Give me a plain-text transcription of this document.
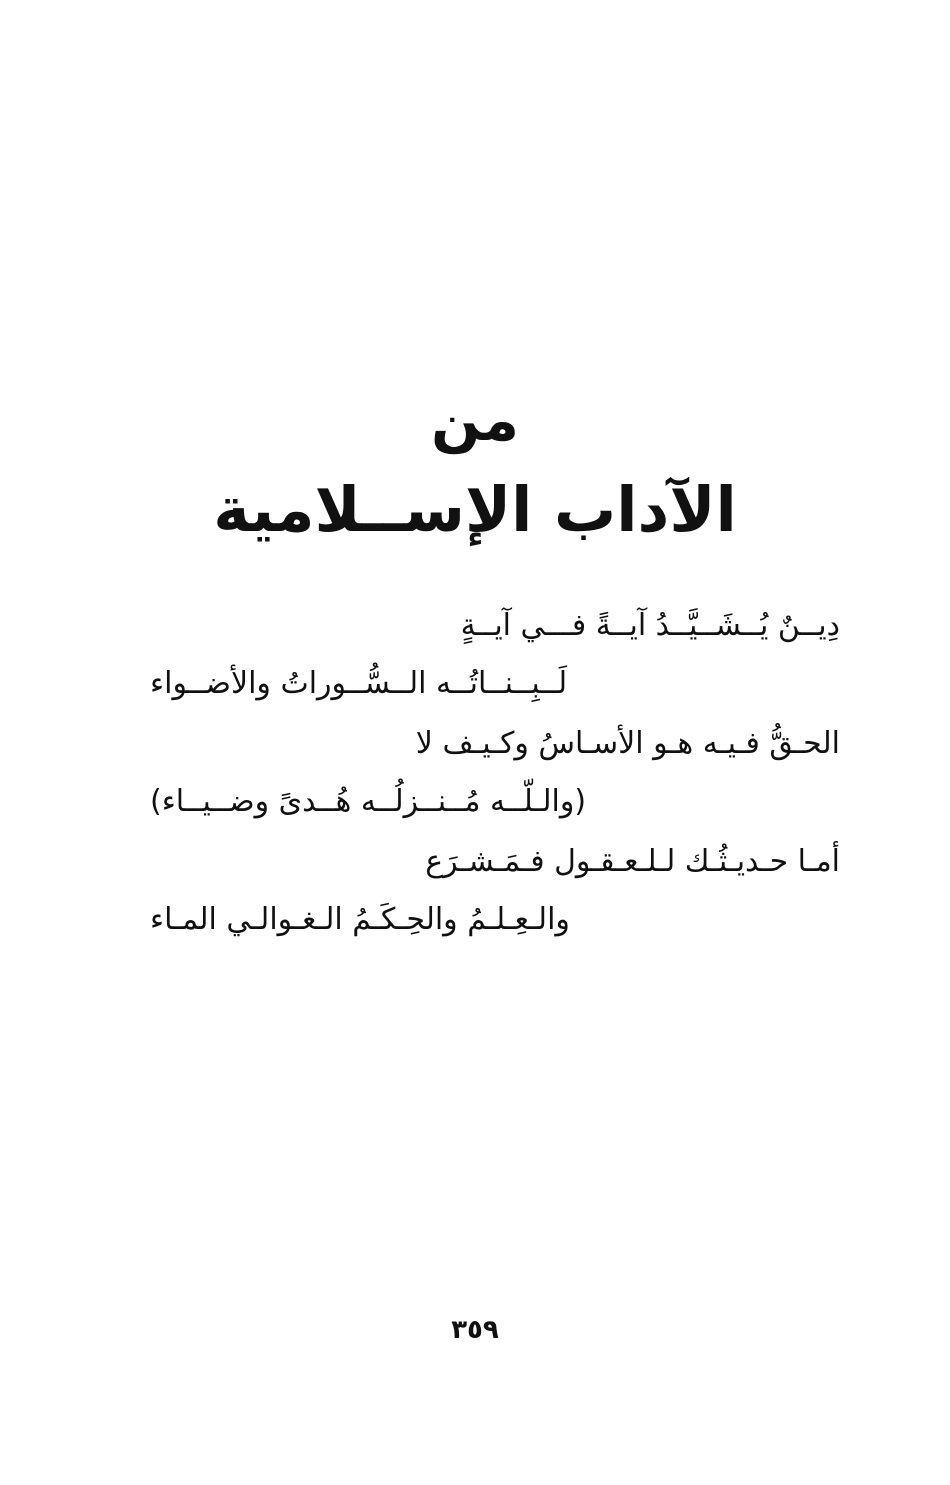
من
الآداب الإســلامية
دِيــنٌ يُــشَــيَّــدُ آيــةً فـــي آيــةٍ
لَــبِــنــاتُــه الــسُّــوراتُ والأضــواء
الحـقُّ فـيـه هـو الأسـاسُ وكـيـف لا
(والـلّــه مُــنــزلُــه هُــدىً وضــيــاء)
أمـا حـديـثُـك لـلـعـقـول فـمَـشـرَع
والـعِـلـمُ والحِـكَـمُ الـغـوالـي المـاء
٣٥٩
